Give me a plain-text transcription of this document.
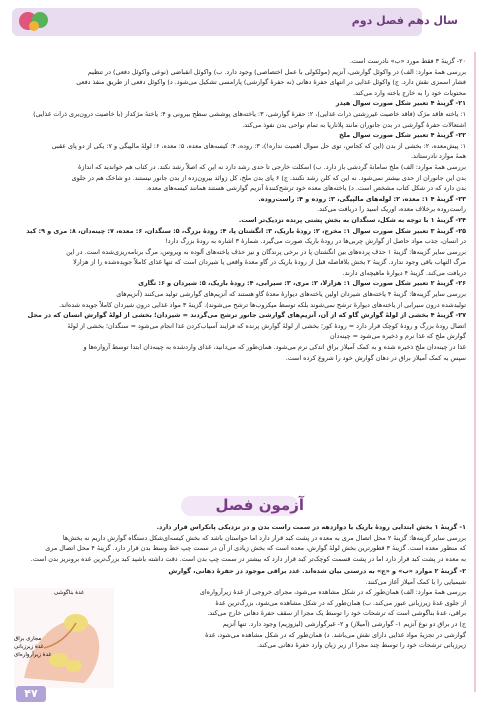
سال دهم فصل دوم
۲۰- گزینهٔ ۳ فقط مورد «ب» نادرست است.
بررسی همهٔ موارد: الف) در واکوئل گوارشی، آنزیم (مولکولی با عمل اختصاصی) وجود دارد. ب) واکوئل انقباضی (نوعی واکوئل دفعی) در تنظیم
فشار اسمزی نقش دارد. ج) واکوئل غذایی در انتهای حفرهٔ دهانی (نه حفرهٔ گوارشی) پارامسی تشکیل می‌شود. د) واکوئل دفعی از طریق منفذ دفعی
محتویات خود را به خارج یاخته وارد می‌کند.
۲۱- گزینهٔ ۴ تعبیر شکل صورت سوال هیدر
۱: یاخته فاقد مژک (فاقد خاصیت غیررشتی ذرات غذایی)، ۲: حفرهٔ گوارشی، ۳: یاخته‌های پوششی سطح بیرونی و ۴: یاختهٔ مژکدار (با خاصیت درون‌بری ذرات غذایی)
اشتعالات حفرهٔ گوارشی در بدن جانوران مانند پلاناریا به تمام نواحی بدن نفوذ می‌کند.
۲۲- گزینهٔ ۴ تعبیر شکل صورت سوال ملخ
۱: پیش‌معده، ۲: بخشی از بدن (این که کجاس، توی حل سوال اهمیت نداره!)، ۳: روده، ۴: کیسه‌های معده، ۵: معده، ۶: لولهٔ مالپیگی و ۷: یکی از دو پای عقبی
همهٔ موارد نادرستاند.
بررسی همهٔ موارد: الف) ملخ سامانهٔ گردشی باز دارد. ب) اسکلت خارجی تا حدی رشد دارد نه این که اصلاً رشد نکند. در کتاب هم خواندید که اندازهٔ
بدن این جانوران از حدی بیشتر نمی‌شود. نه این که کلن رشد نکنند. ج) ۶ پای بدن ملخ، کل زوائد بیرون‌زده از بدن جانور نیستند. دو شاخک هم در جلوی
بدن دارد که در شکل کتاب مشخص است. د) یاخته‌های معده خود ترشح‌کنندهٔ آنزیم گوارشی هستند همانند کیسه‌های معده.
۲۳- گزینهٔ ۴ ۱: معده، ۲: لوله‌های مالپیگی، ۳: روده و ۴: راست‌روده.
راست‌روده برخلاف معده، اوریک اسید را دریافت می‌کند.
۲۴- گزینهٔ ۱ با توجه به شکل، سنگدان به بخش پشتی پرنده نزدیک‌تر است.
۲۵- گزینهٔ ۳ تعبیر شکل صورت سوال ۱: مخرج، ۲: رودهٔ باریک، ۳: انگشتان پا، ۴: رودهٔ بزرگ، ۵: سنگدان، ۶: معده، ۷: چینه‌دان، ۸: مری و ۹: کبد
در انسان، جذب مواد حاصل از گوارش چربی‌ها در رودهٔ باریک صورت می‌گیرد. شمارهٔ ۳ اشاره به رودهٔ بزرگ دارد!
بررسی سایر گزینه‌ها: گزینهٔ ۱ حذف پرده‌های بین انگشتان پا در برخی پرندگان و نیز حذف یاخته‌های آلوده به ویروس، مرگ برنامه‌ریزی‌شده است. در این
مرگ التهاب باقی وجود ندارد. گزینهٔ ۲ بخش بلافاصله قبل از رودهٔ باریک در گاو معدهٔ واقعی یا شیردان است که تنها غذای کاملاً جویده‌شده را از هزارلا
دریافت می‌کند. گزینهٔ ۴ دیوارهٔ ماهیچه‌ای دارند.
۲۶- گزینهٔ ۲ تعبیر شکل صورت سوال ۱: هزارلا، ۲: مری، ۳: سیرابی، ۴: رودهٔ باریک، ۵: شیردان و ۶: نگاری
بررسی سایر گزینه‌ها: گزینهٔ ۴ یاخته‌های شیردان اولین یاخته‌های دیوارهٔ معدهٔ گاو هستند که آنزیم‌های گوارشی تولید می‌کنند (آنزیم‌های
تولیدشده درون سیرابی از یاخته‌های دیوارهٔ ترشح نمی‌شوند بلکه توسط میکروب‌ها ترشح می‌شوند). گزینهٔ ۳ مواد غذایی درون شیردان کاملاً جویده شده‌اند.
۲۷- گزینهٔ ۴ بخشی از لولهٔ گوارش گاو که از آن، آنزیم‌های گوارشی جانور ترشح می‌گردند = شیردان؛ بخشی از لولهٔ گوارش انسان که در محل
اتصال رودهٔ بزرگ و رودهٔ کوچک قرار دارد = رودهٔ کور؛ بخشی از لولهٔ گوارش پرنده که فرایند آسیاب‌کردن غذا انجام می‌شود = سنگدان؛ بخشی از لولهٔ
گوارش ملخ که غذا نرم و ذخیره می‌شود = چینه‌دان
غذا در چینه‌دان ملخ ذخیره شده و به کمک آمیلاز براق اندکی نرم می‌شود. همان‌طور که می‌دانید، غذای وارد‌شده به چینه‌دان ابتدا توسط آرواره‌ها و
سپس به کمک آمیلاز براق در دهان گوارش خود را شروع کرده است.
آزمون فصل
۱- گزینهٔ ۱ بخش ابتدایی رودهٔ باریک یا دوازدهه در سمت راست بدن و در نزدیکی پانکراس قرار دارد.
بررسی سایر گزینه‌ها: گزینهٔ ۲ محل اتصال مری به معده در پشت کبد قرار دارد اما حواستان باشد که بخش کیسه‌ای‌شکل دستگاه گوارش داریم نه بخش‌ها
که منظور معده است. گزینهٔ ۳ قطورترین بخش لولهٔ گوارش، معده است که بخش زیادی از آن در سمت چپ خط وسط بدن قرار دارد. گزینهٔ ۴ محل اتصال مری
به معده در پشت کبد قرار دارد اما در پشت قسمت کوچک‌تر کبد قرار دارد که بیشتر در سمت چپ بدن است. دقت داشته باشید کبد بزرگ‌ترین غده برونریز بدن است.
۲- گزینهٔ ۲ موارد «ب» و «ج» به درستی بیان شده‌اند. غدد براقی موجود در حفرهٔ دهانی، گوارش
شیمیایی را با کمک آمیلاز آغاز می‌کنند.
بررسی همهٔ موارد: الف) همان‌طور که در شکل مشاهده می‌شود، مجرای خروجی از غدهٔ زیرآرواره‌ای
از جلوی غدهٔ زیرزبانی عبور می‌کند. ب) همان‌طور که در شکل مشاهده می‌شود، بزرگ‌ترین غدهٔ
براقی، غدهٔ بناگوشی است که ترشحات خود را توسط یک مجرا از سقف حفرهٔ دهانی خارج می‌کند.
ج) در براق دو نوع آنزیم ۱- گوارشی (آمیلاز) و ۲- غیرگوارشی (لیزوزیم) وجود دارد. تنها آنزیم
گوارشی در تجزیهٔ مواد غذایی دارای نقش می‌باشد. د) همان‌طور که در شکل مشاهده می‌شود، غدهٔ
زیرزبانی ترشحات خود را توسط چند مجرا از زیر زبان وارد حفرهٔ دهانی می‌کند.
غدهٔ بناگوشی
مجاری براق
غدهٔ زیرزبانی
غدهٔ زیرآرواره‌ای
۴۷
